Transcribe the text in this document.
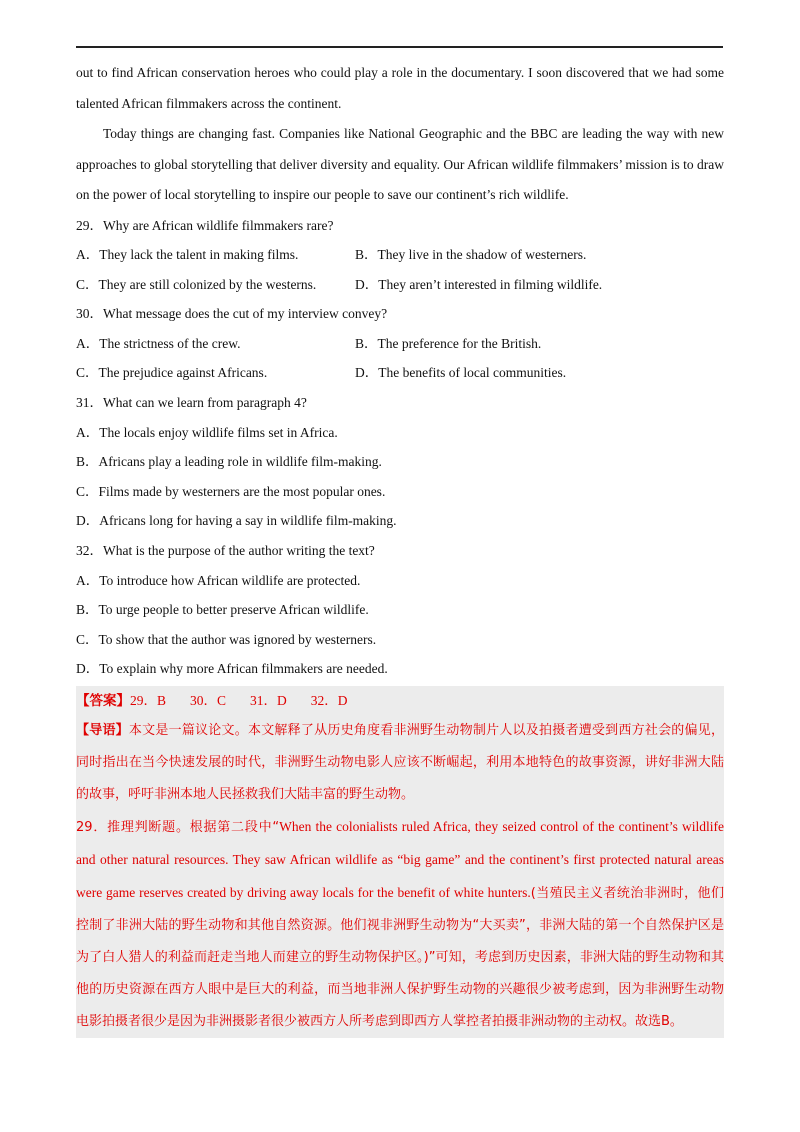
out to find African conservation heroes who could play a role in the documentary. I soon discovered that we had some talented African filmmakers across the continent.

Today things are changing fast. Companies like National Geographic and the BBC are leading the way with new approaches to global storytelling that deliver diversity and equality. Our African wildlife filmmakers’ mission is to draw on the power of local storytelling to inspire our people to save our continent’s rich wildlife.

29．Why are African wildlife filmmakers rare?

A．They lack the talent in making films.	B．They live in the shadow of westerners.
C．They are still colonized by the westerns.	D．They aren’t interested in filming wildlife.

30．What message does the cut of my interview convey?

A．The strictness of the crew.	B．The preference for the British.
C．The prejudice against Africans.	D．The benefits of local communities.

31．What can we learn from paragraph 4?

A．The locals enjoy wildlife films set in Africa.
B．Africans play a leading role in wildlife film-making.
C．Films made by westerners are the most popular ones.
D．Africans long for having a say in wildlife film-making.

32．What is the purpose of the author writing the text?

A．To introduce how African wildlife are protected.
B．To urge people to better preserve African wildlife.
C．To show that the author was ignored by westerners.
D．To explain why more African filmmakers are needed.
【答案】29．B 30．C 31．D 32．D

【导语】本文是一篇议论文。本文解释了从历史角度看非洲野生动物制片人以及拍摄者遭受到西方社会的偏见，同时指出在当今快速发展的时代，非洲野生动物电影人应该不断崛起，利用本地特色的故事资源，讲好非洲大陆的故事，呼吁非洲本地人民拯救我们大陆丰富的野生动物。

29．推理判断题。根据第二段中“When the colonialists ruled Africa, they seized control of the continent’s wildlife and other natural resources. They saw African wildlife as “big game” and the continent’s first protected natural areas were game reserves created by driving away locals for the benefit of white hunters.(当殖民主义者统治非洲时，他们控制了非洲大陆的野生动物和其他自然资源。他们视非洲野生动物为“大买卖”，非洲大陆的第一个自然保护区是为了白人猎人的利益而赶走当地人而建立的野生动物保护区。)”可知，考虑到历史因素，非洲大陆的野生动物和其他的历史资源在西方人眼中是巨大的利益，而当地非洲人保护野生动物的兴趣很少被考虑到，因为非洲野生动物电影拍摄者很少是因为非洲摄影者很少被西方人所考虑到即西方人掌控者拍摄非洲动物的主动权。故选B。
